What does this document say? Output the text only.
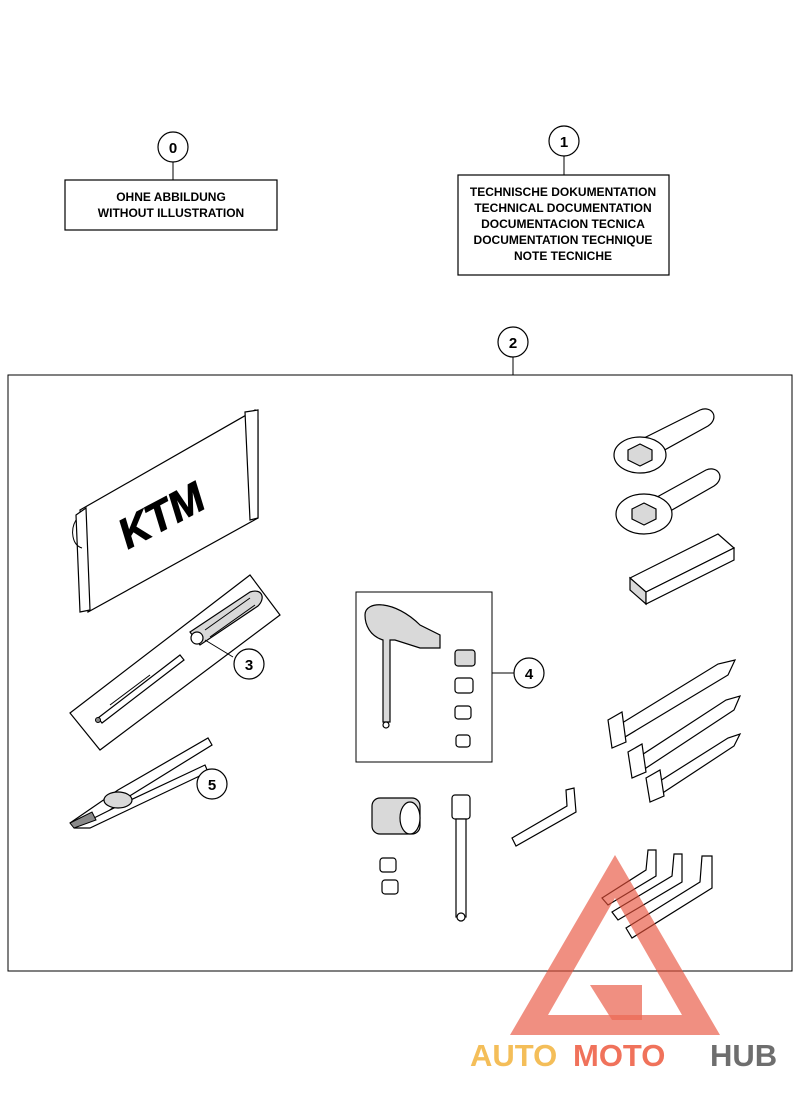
0
OHNE ABBILDUNG
WITHOUT ILLUSTRATION
1
TECHNISCHE DOKUMENTATION
TECHNICAL DOCUMENTATION
DOCUMENTACION TECNICA
DOCUMENTATION TECHNIQUE
NOTE TECNICHE
2
KTM
3
5
4
AUTO MOTO HUB
